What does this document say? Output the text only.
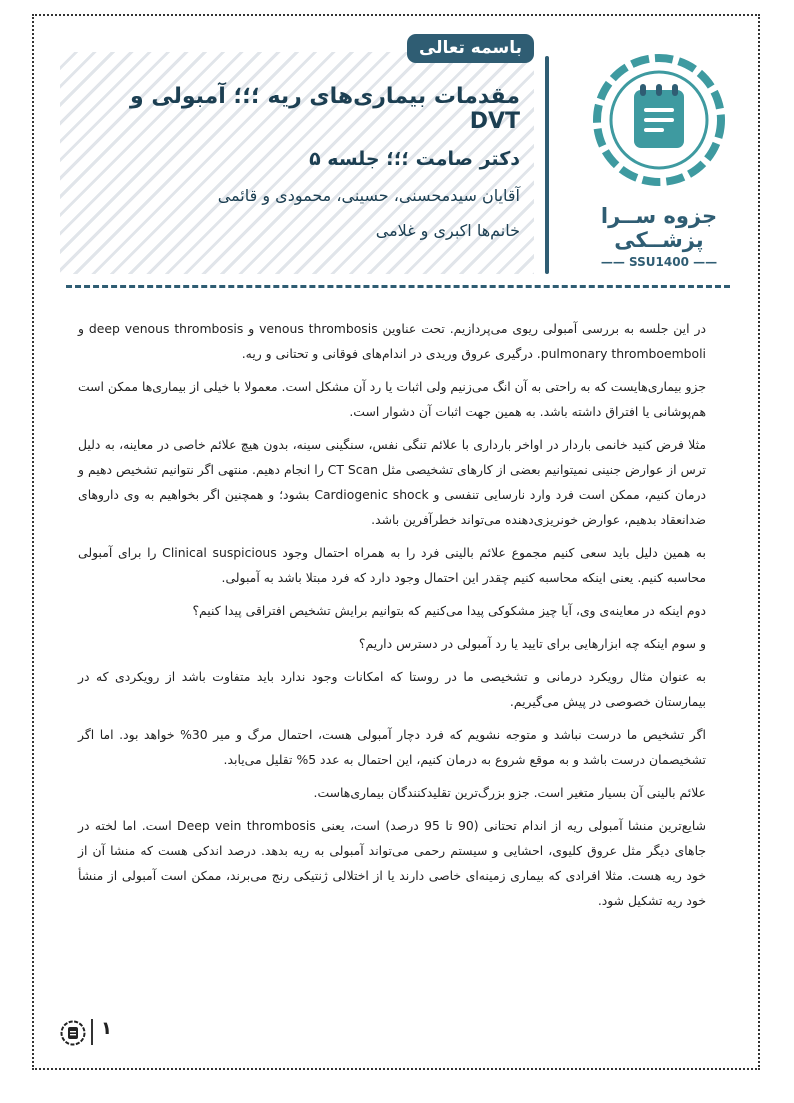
باسمه تعالی
مقدمات بیماری‌های ریه ؛؛؛ آمبولی و DVT
دکتر صامت ؛؛؛ جلسه ۵
آقایان سیدمحسنی، حسینی، محمودی و قائمی
خانم‌ها اکبری و غلامی
جزوه ســرا
پزشــکی
—— SSU1400 ——

در این جلسه به بررسی آمبولی ریوی می‌پردازیم. تحت عناوین venous thrombosis و deep venous thrombosis و pulmonary thromboemboli. درگیری عروق وریدی در اندام‌های فوقانی و تحتانی و ریه.

جزو بیماری‌هایست که به راحتی به آن انگ می‌زنیم ولی اثبات یا رد آن مشکل است. معمولا با خیلی از بیماری‌ها ممکن است هم‌پوشانی یا افتراق داشته باشد. به همین جهت اثبات آن دشوار است.

مثلا فرض کنید خانمی باردار در اواخر بارداری با علائم تنگی نفس، سنگینی سینه، بدون هیچ علائم خاصی در معاینه، به دلیل ترس از عوارض جنینی نمیتوانیم بعضی از کارهای تشخیصی مثل CT Scan را انجام دهیم. منتهی اگر نتوانیم تشخیص دهیم و درمان کنیم، ممکن است فرد وارد نارسایی تنفسی و Cardiogenic shock بشود؛ و همچنین اگر بخواهیم به وی داروهای ضدانعقاد بدهیم، عوارض خونریزی‌دهنده می‌تواند خطرآفرین باشد.

به همین دلیل باید سعی کنیم مجموع علائم بالینی فرد را به همراه احتمال وجود Clinical suspicious را برای آمبولی محاسبه کنیم. یعنی اینکه محاسبه کنیم چقدر این احتمال وجود دارد که فرد مبتلا باشد به آمبولی.

دوم اینکه در معاینه‌ی وی، آیا چیز مشکوکی پیدا می‌کنیم که بتوانیم برایش تشخیص افتراقی پیدا کنیم؟

و سوم اینکه چه ابزارهایی برای تایید یا رد آمبولی در دسترس داریم؟

به عنوان مثال رویکرد درمانی و تشخیصی ما در روستا که امکانات وجود ندارد باید متفاوت باشد از رویکردی که در بیمارستان خصوصی در پیش می‌گیریم.

اگر تشخیص ما درست نباشد و متوجه نشویم که فرد دچار آمبولی هست، احتمال مرگ و میر 30% خواهد بود. اما اگر تشخیصمان درست باشد و به موقع شروع به درمان کنیم، این احتمال به عدد 5% تقلیل می‌یابد.

علائم بالینی آن بسیار متغیر است. جزو بزرگ‌ترین تقلیدکنندگان بیماری‌هاست.

شایع‌ترین منشا آمبولی ریه از اندام تحتانی (90 تا 95 درصد) است، یعنی Deep vein thrombosis است. اما لخته در جاهای دیگر مثل عروق کلیوی، احشایی و سیستم رحمی می‌تواند آمبولی به ریه بدهد. درصد اندکی هست که منشا آن از خود ریه هست. مثلا افرادی که بیماری زمینه‌ای خاصی دارند یا از اختلالی ژنتیکی رنج می‌برند، ممکن است آمبولی از منشأ خود ریه تشکیل شود.

۱
